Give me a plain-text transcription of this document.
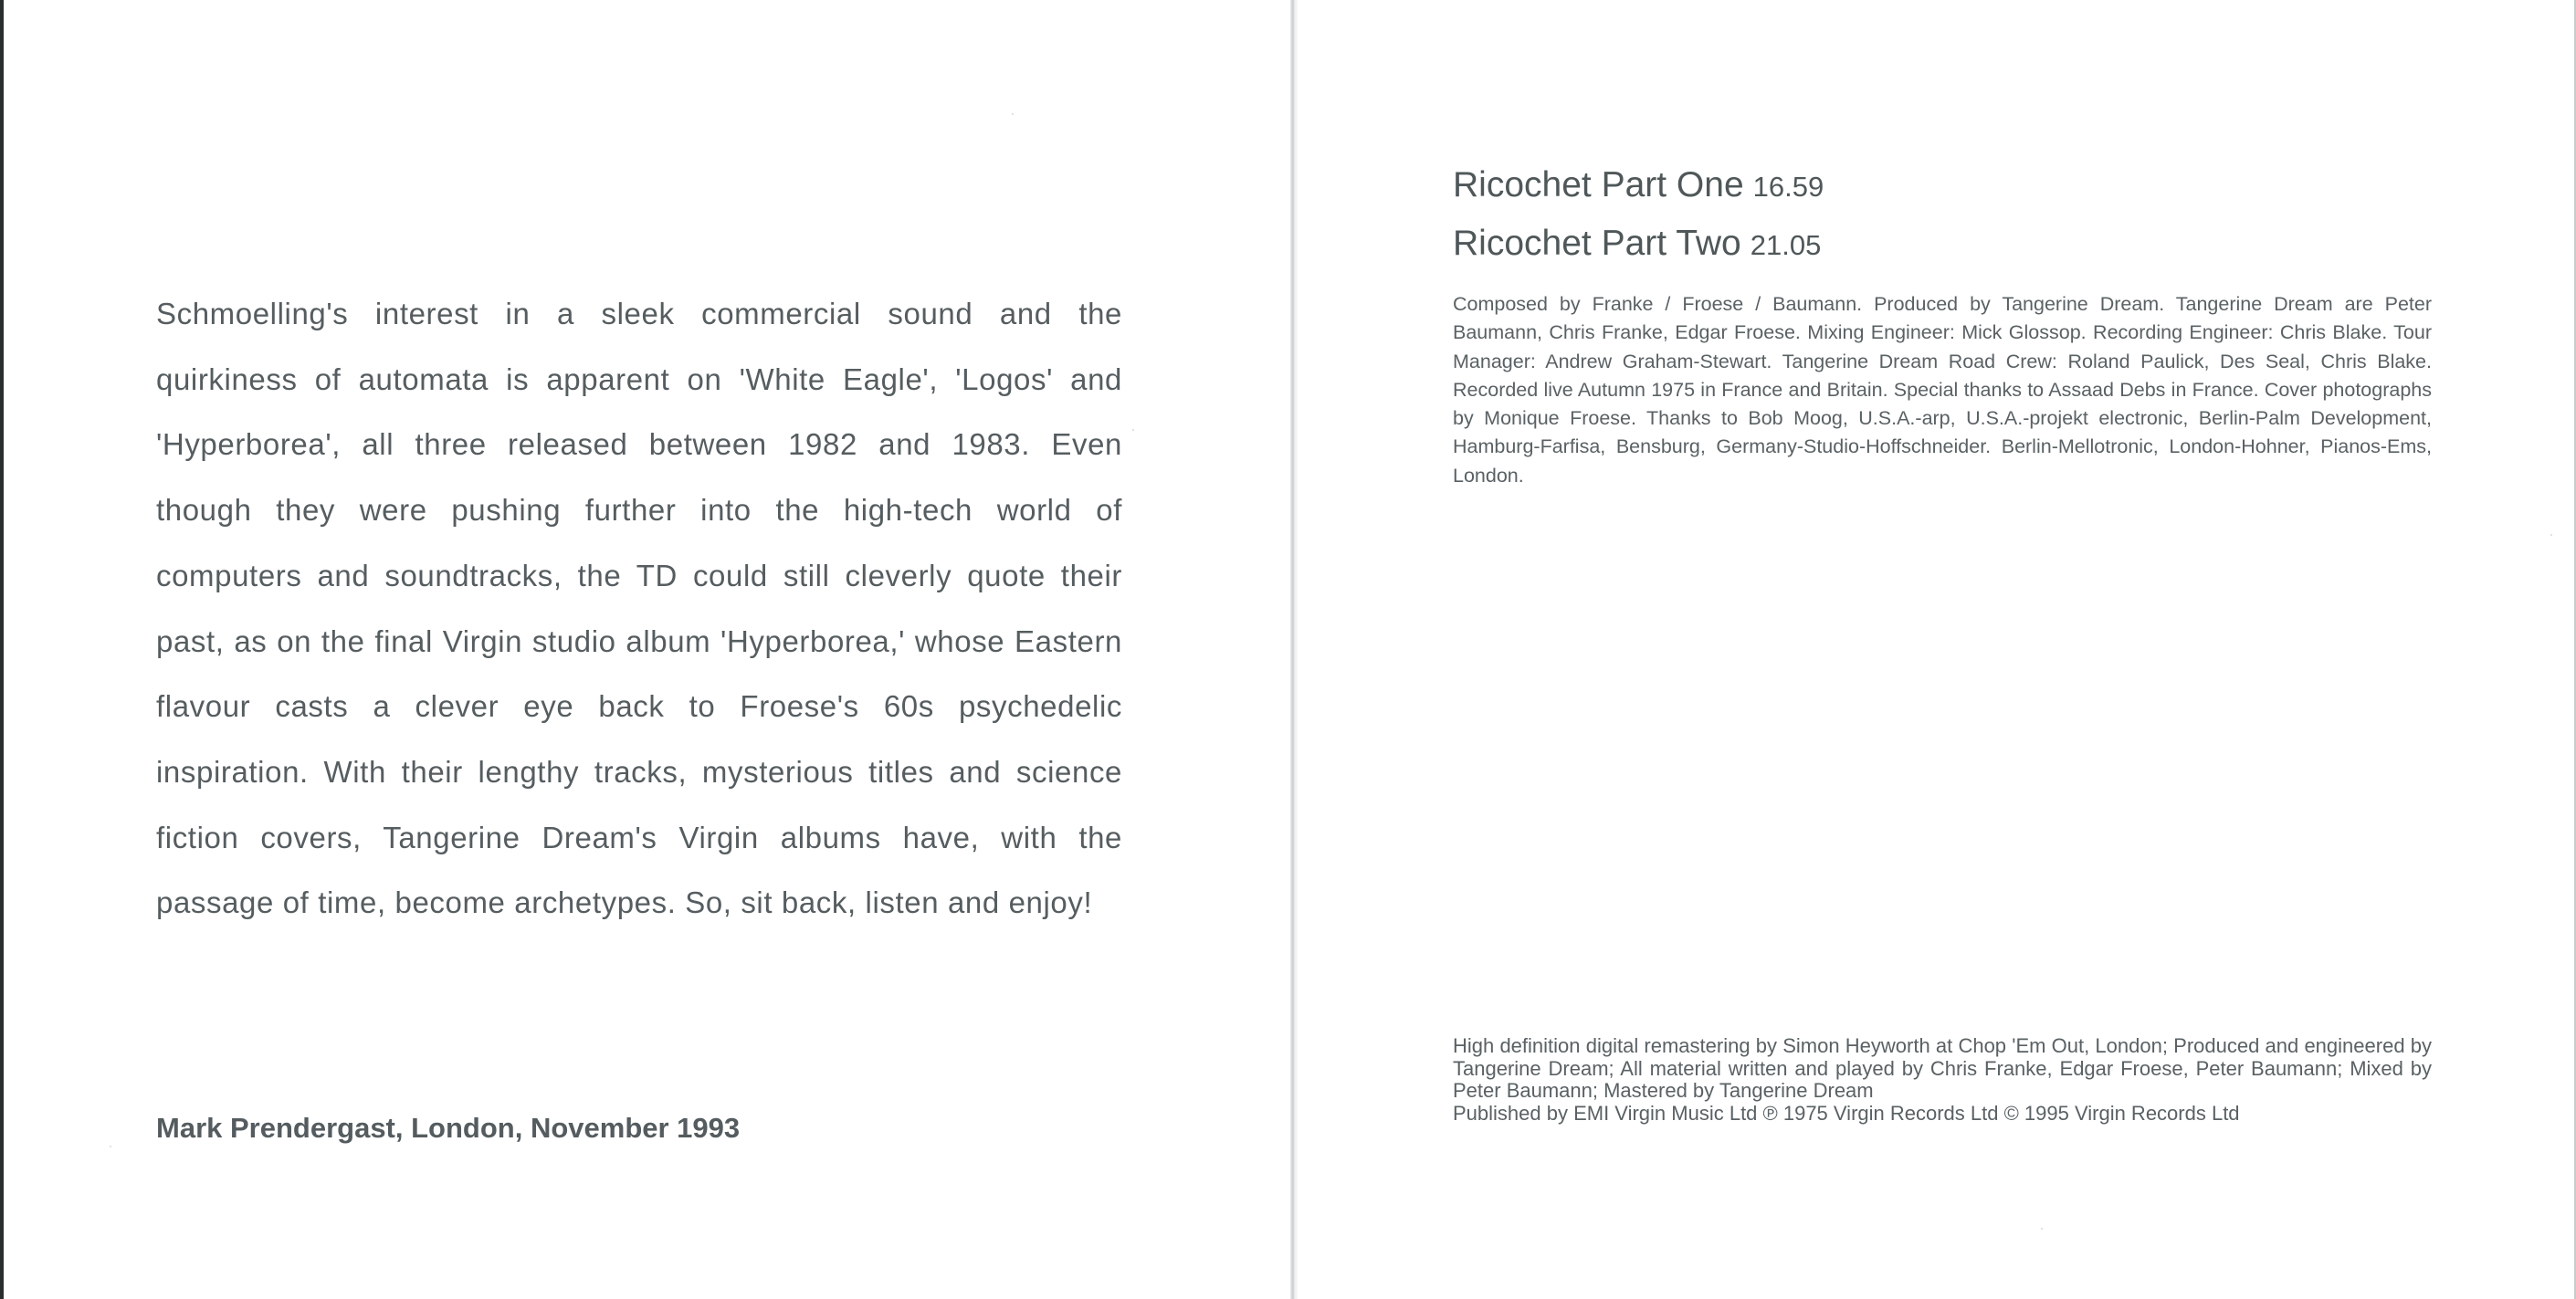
Schmoelling's interest in a sleek commercial sound and the quirkiness of automata is apparent on 'White Eagle', 'Logos' and 'Hyperborea', all three released between 1982 and 1983. Even though they were pushing further into the high-tech world of computers and soundtracks, the TD could still cleverly quote their past, as on the final Virgin studio album 'Hyperborea,' whose Eastern flavour casts a clever eye back to Froese's 60s psychedelic inspiration. With their lengthy tracks, mysterious titles and science fiction covers, Tangerine Dream's Virgin albums have, with the passage of time, become archetypes. So, sit back, listen and enjoy!

Mark Prendergast, London, November 1993

Ricochet Part One 16.59
Ricochet Part Two 21.05

Composed by Franke / Froese / Baumann. Produced by Tangerine Dream. Tangerine Dream are Peter Baumann, Chris Franke, Edgar Froese. Mixing Engineer: Mick Glossop. Recording Engineer: Chris Blake. Tour Manager: Andrew Graham-Stewart. Tangerine Dream Road Crew: Roland Paulick, Des Seal, Chris Blake. Recorded live Autumn 1975 in France and Britain. Special thanks to Assaad Debs in France. Cover photographs by Monique Froese. Thanks to Bob Moog, U.S.A.-arp, U.S.A.-projekt electronic, Berlin-Palm Development, Hamburg-Farfisa, Bensburg, Germany-Studio-Hoffschneider. Berlin-Mellotronic, London-Hohner, Pianos-Ems, London.

High definition digital remastering by Simon Heyworth at Chop 'Em Out, London; Produced and engineered by Tangerine Dream; All material written and played by Chris Franke, Edgar Froese, Peter Baumann; Mixed by Peter Baumann; Mastered by Tangerine Dream

Published by EMI Virgin Music Ltd ℗ 1975 Virgin Records Ltd © 1995 Virgin Records Ltd
